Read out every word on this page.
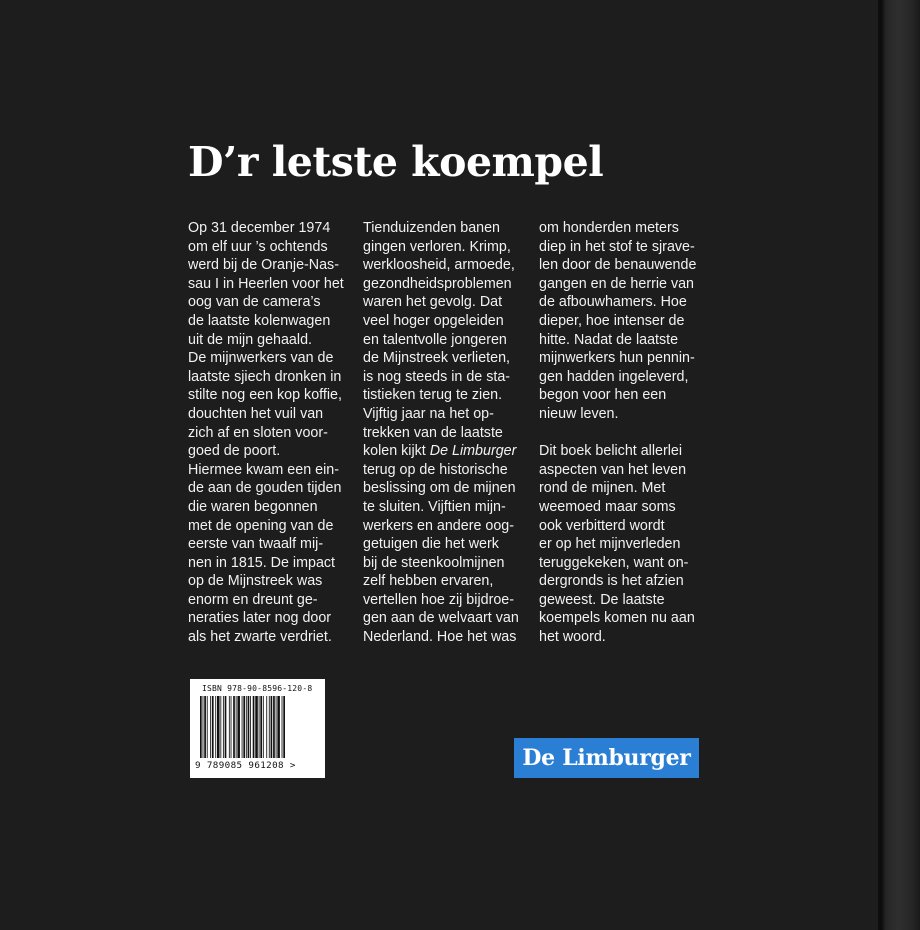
D’r letste koempel
Op 31 december 1974
om elf uur ’s ochtends
werd bij de Oranje-Nas-
sau I in Heerlen voor het
oog van de camera’s
de laatste kolenwagen
uit de mijn gehaald.
De mijnwerkers van de
laatste sjiech dronken in
stilte nog een kop koffie,
douchten het vuil van
zich af en sloten voor-
goed de poort.
Hiermee kwam een ein-
de aan de gouden tijden
die waren begonnen
met de opening van de
eerste van twaalf mij-
nen in 1815. De impact
op de Mijnstreek was
enorm en dreunt ge-
neraties later nog door
als het zwarte verdriet.
Tienduizenden banen
gingen verloren. Krimp,
werkloosheid, armoede,
gezondheidsproblemen
waren het gevolg. Dat
veel hoger opgeleiden
en talentvolle jongeren
de Mijnstreek verlieten,
is nog steeds in de sta-
tistieken terug te zien.
Vijftig jaar na het op-
trekken van de laatste
kolen kijkt De Limburger
terug op de historische
beslissing om de mijnen
te sluiten. Vijftien mijn-
werkers en andere oog-
getuigen die het werk
bij de steenkoolmijnen
zelf hebben ervaren,
vertellen hoe zij bijdroe-
gen aan de welvaart van
Nederland. Hoe het was
om honderden meters
diep in het stof te sjrave-
len door de benauwende
gangen en de herrie van
de afbouwhamers. Hoe
dieper, hoe intenser de
hitte. Nadat de laatste
mijnwerkers hun pennin-
gen hadden ingeleverd,
begon voor hen een
nieuw leven.
Dit boek belicht allerlei
aspecten van het leven
rond de mijnen. Met
weemoed maar soms
ook verbitterd wordt
er op het mijnverleden
teruggekeken, want on-
dergronds is het afzien
geweest. De laatste
koempels komen nu aan
het woord.
ISBN 978-90-8596-120-8
9 789085 961208 >	De Limburger
